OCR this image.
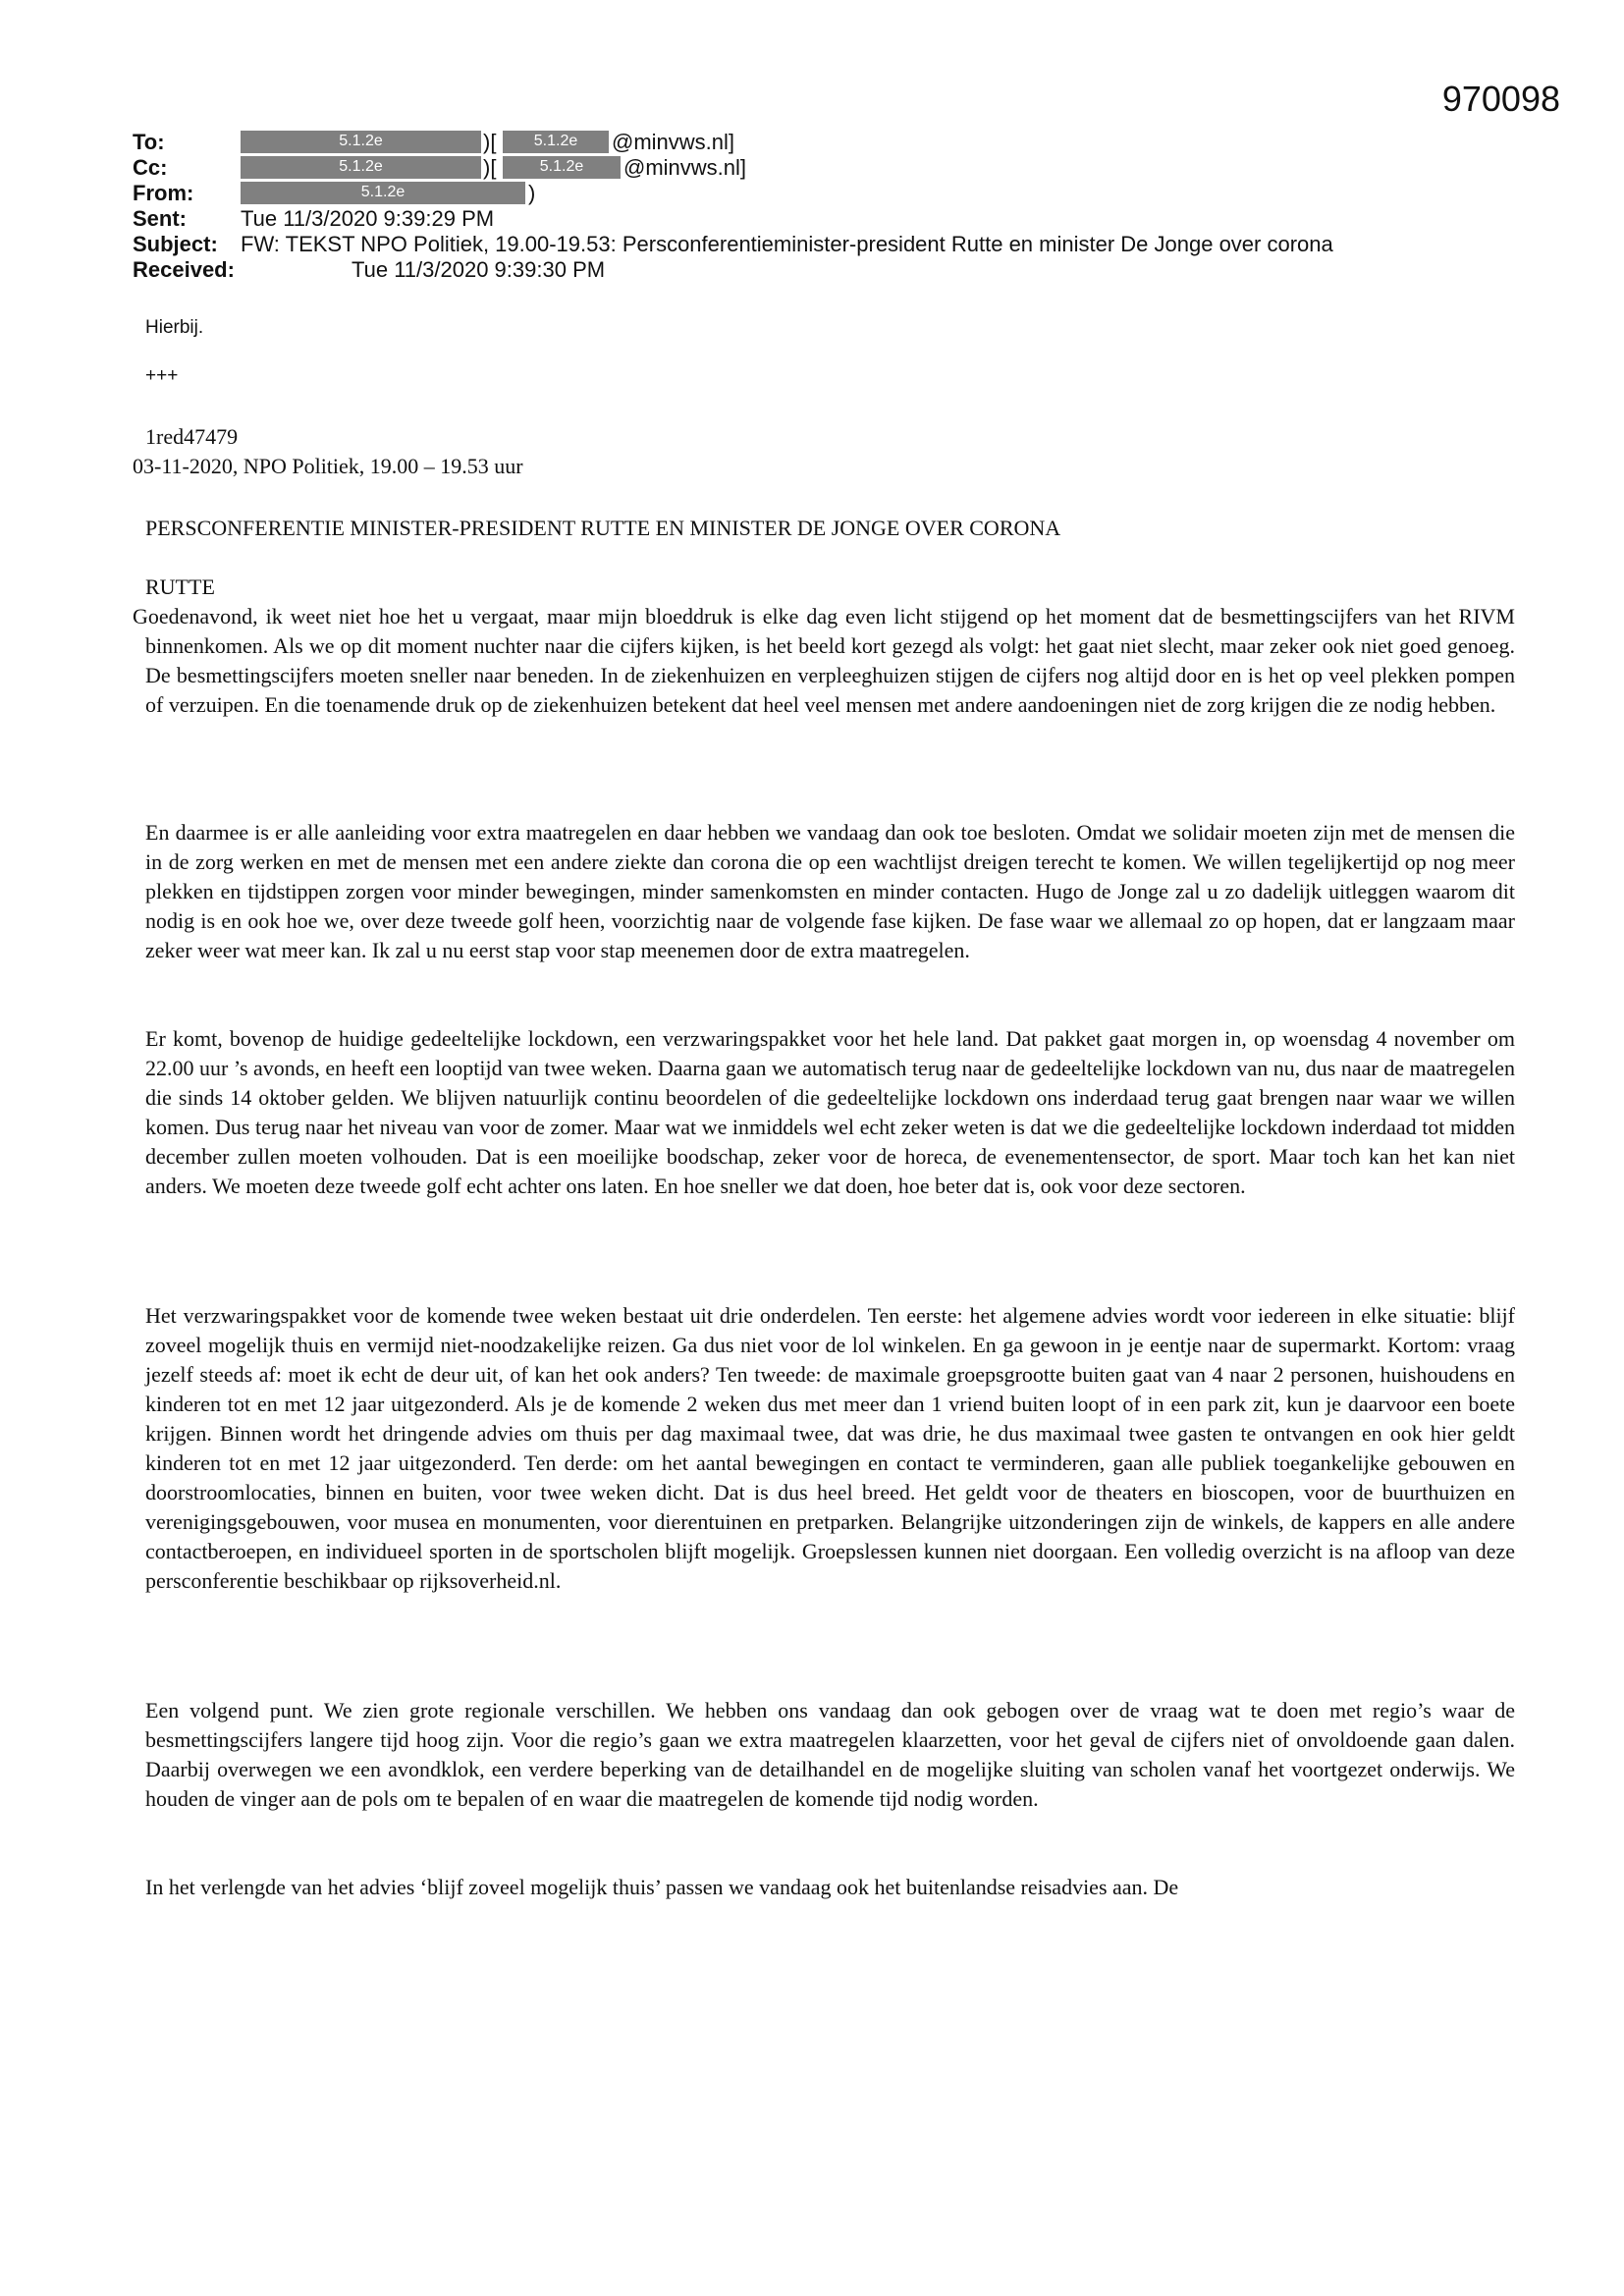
970098
To:	5.1.2e	)[	5.1.2e	@minvws.nl]
Cc:	5.1.2e	)[	5.1.2e	@minvws.nl]
From:	5.1.2e	)
Sent:	Tue 11/3/2020 9:39:29 PM
Subject: FW: TEKST NPO Politiek, 19.00-19.53: Persconferentieminister-president Rutte en minister De Jonge over corona
Received:	Tue 11/3/2020 9:39:30 PM
Hierbij.
+++
1red47479
03-11-2020, NPO Politiek, 19.00 – 19.53 uur
PERSCONFERENTIE MINISTER-PRESIDENT RUTTE EN MINISTER DE JONGE OVER CORONA
RUTTE

Goedenavond, ik weet niet hoe het u vergaat, maar mijn bloeddruk is elke dag even licht stijgend op het moment dat de besmettingscijfers van het RIVM binnenkomen. Als we op dit moment nuchter naar die cijfers kijken, is het beeld kort gezegd als volgt: het gaat niet slecht, maar zeker ook niet goed genoeg. De besmettingscijfers moeten sneller naar beneden. In de ziekenhuizen en verpleeghuizen stijgen de cijfers nog altijd door en is het op veel plekken pompen of verzuipen. En die toenamende druk op de ziekenhuizen betekent dat heel veel mensen met andere aandoeningen niet de zorg krijgen die ze nodig hebben.

En daarmee is er alle aanleiding voor extra maatregelen en daar hebben we vandaag dan ook toe besloten. Omdat we solidair moeten zijn met de mensen die in de zorg werken en met de mensen met een andere ziekte dan corona die op een wachtlijst dreigen terecht te komen. We willen tegelijkertijd op nog meer plekken en tijdstippen zorgen voor minder bewegingen, minder samenkomsten en minder contacten. Hugo de Jonge zal u zo dadelijk uitleggen waarom dit nodig is en ook hoe we, over deze tweede golf heen, voorzichtig naar de volgende fase kijken. De fase waar we allemaal zo op hopen, dat er langzaam maar zeker weer wat meer kan. Ik zal u nu eerst stap voor stap meenemen door de extra maatregelen.

Er komt, bovenop de huidige gedeeltelijke lockdown, een verzwaringspakket voor het hele land. Dat pakket gaat morgen in, op woensdag 4 november om 22.00 uur ’s avonds, en heeft een looptijd van twee weken. Daarna gaan we automatisch terug naar de gedeeltelijke lockdown van nu, dus naar de maatregelen die sinds 14 oktober gelden. We blijven natuurlijk continu beoordelen of die gedeeltelijke lockdown ons inderdaad terug gaat brengen naar waar we willen komen. Dus terug naar het niveau van voor de zomer. Maar wat we inmiddels wel echt zeker weten is dat we die gedeeltelijke lockdown inderdaad tot midden december zullen moeten volhouden. Dat is een moeilijke boodschap, zeker voor de horeca, de evenementensector, de sport. Maar toch kan het kan niet anders. We moeten deze tweede golf echt achter ons laten. En hoe sneller we dat doen, hoe beter dat is, ook voor deze sectoren.

Het verzwaringspakket voor de komende twee weken bestaat uit drie onderdelen. Ten eerste: het algemene advies wordt voor iedereen in elke situatie: blijf zoveel mogelijk thuis en vermijd niet-noodzakelijke reizen. Ga dus niet voor de lol winkelen. En ga gewoon in je eentje naar de supermarkt. Kortom: vraag jezelf steeds af: moet ik echt de deur uit, of kan het ook anders? Ten tweede: de maximale groepsgrootte buiten gaat van 4 naar 2 personen, huishoudens en kinderen tot en met 12 jaar uitgezonderd. Als je de komende 2 weken dus met meer dan 1 vriend buiten loopt of in een park zit, kun je daarvoor een boete krijgen. Binnen wordt het dringende advies om thuis per dag maximaal twee, dat was drie, he dus maximaal twee gasten te ontvangen en ook hier geldt kinderen tot en met 12 jaar uitgezonderd. Ten derde: om het aantal bewegingen en contact te verminderen, gaan alle publiek toegankelijke gebouwen en doorstroomlocaties, binnen en buiten, voor twee weken dicht. Dat is dus heel breed. Het geldt voor de theaters en bioscopen, voor de buurthuizen en verenigingsgebouwen, voor musea en monumenten, voor dierentuinen en pretparken. Belangrijke uitzonderingen zijn de winkels, de kappers en alle andere contactberoepen, en individueel sporten in de sportscholen blijft mogelijk. Groepslessen kunnen niet doorgaan. Een volledig overzicht is na afloop van deze persconferentie beschikbaar op rijksoverheid.nl.

Een volgend punt. We zien grote regionale verschillen. We hebben ons vandaag dan ook gebogen over de vraag wat te doen met regio’s waar de besmettingscijfers langere tijd hoog zijn. Voor die regio’s gaan we extra maatregelen klaarzetten, voor het geval de cijfers niet of onvoldoende gaan dalen. Daarbij overwegen we een avondklok, een verdere beperking van de detailhandel en de mogelijke sluiting van scholen vanaf het voortgezet onderwijs. We houden de vinger aan de pols om te bepalen of en waar die maatregelen de komende tijd nodig worden.

In het verlengde van het advies ‘blijf zoveel mogelijk thuis’ passen we vandaag ook het buitenlandse reisadvies aan. De
